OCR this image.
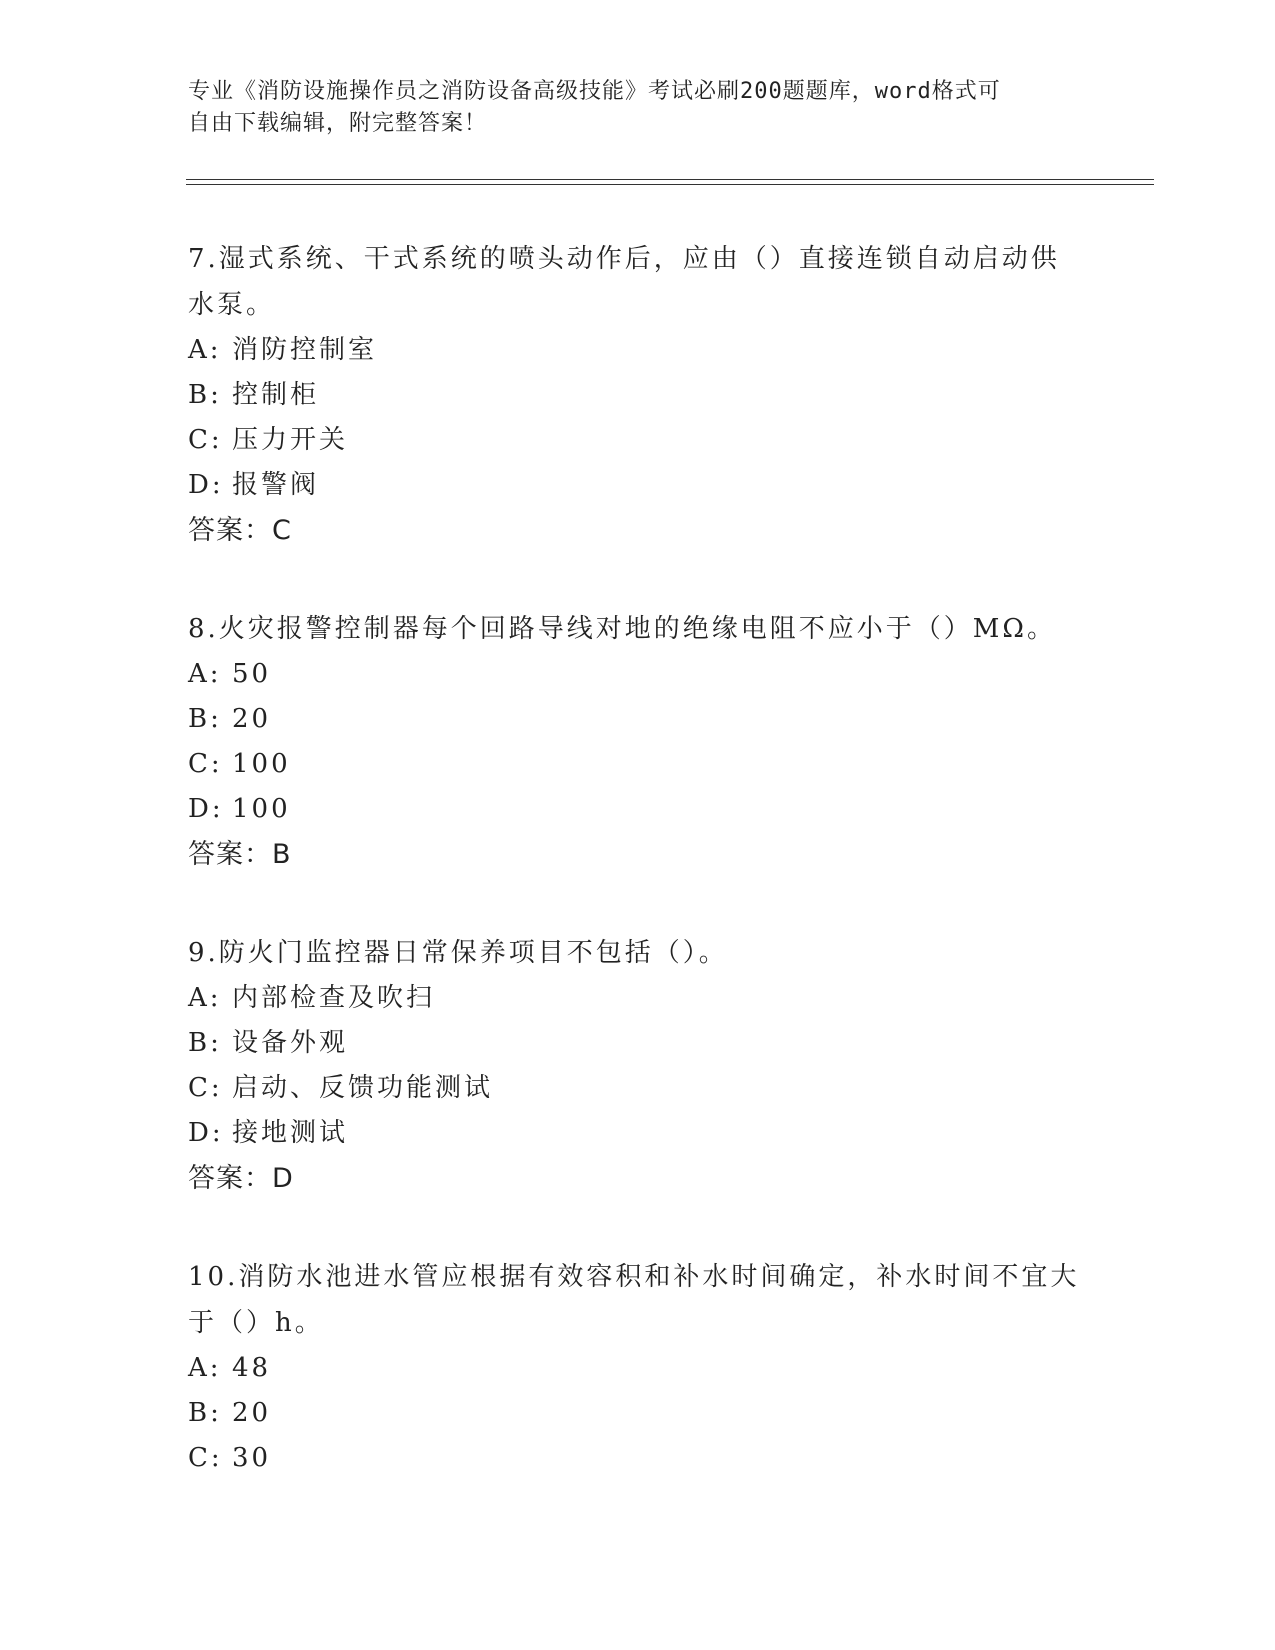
专业《消防设施操作员之消防设备高级技能》考试必刷200题题库，word格式可
自由下载编辑，附完整答案！
7.湿式系统、干式系统的喷头动作后，应由（）直接连锁自动启动供
水泵。
A: 消防控制室
B: 控制柜
C: 压力开关
D: 报警阀
答案：C
8.火灾报警控制器每个回路导线对地的绝缘电阻不应小于（）MΩ。
A: 50
B: 20
C: 100
D: 100
答案：B
9.防火门监控器日常保养项目不包括（）。
A: 内部检查及吹扫
B: 设备外观
C: 启动、反馈功能测试
D: 接地测试
答案：D
10.消防水池进水管应根据有效容积和补水时间确定，补水时间不宜大
于（）h。
A: 48
B: 20
C: 30
